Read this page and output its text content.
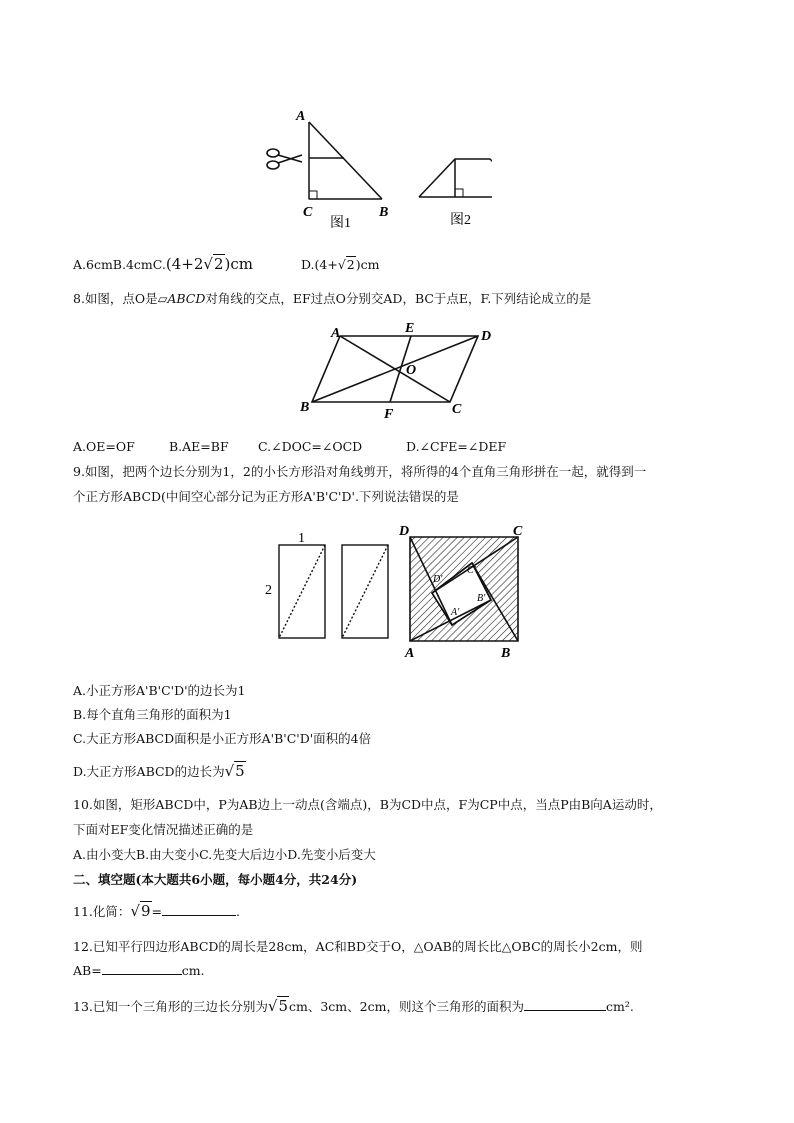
A
C	B
图1	图2
A.6cmB.4cmC.(4+2√2)cm	D.(4+√2)cm
8.如图，点O是▱ABCD对角线的交点，EF过点O分别交AD，BC于点E，F.下列结论成立的是
A	E
D
O
B	F	C
A.OE=OF	B.AE=BF C.∠DOC=∠OCD	D.∠CFE=∠DEF
9.如图，把两个边长分别为1，2的小长方形沿对角线剪开，将所得的4个直角三角形拼在一起，就得到一
个正方形ABCD(中间空心部分记为正方形A'B'C'D'.下列说法错误的是
1
2
D	C
A	B
C'
D'
B'
A'
A.小正方形A'B'C'D'的边长为1
B.每个直角三角形的面积为1
C.大正方形ABCD面积是小正方形A'B'C'D'面积的4倍
D.大正方形ABCD的边长为√5
10.如图，矩形ABCD中，P为AB边上一动点(含端点)，B为CD中点，F为CP中点，当点P由B向A运动时，
下面对EF变化情况描述正确的是
A.由小变大B.由大变小C.先变大后边小D.先变小后变大
二、填空题(本大题共6小题，每小题4分，共24分)
11.化简：√9=	.
12.已知平行四边形ABCD的周长是28cm，AC和BD交于O，△OAB的周长比△OBC的周长小2cm，则
AB=	cm.
13.已知一个三角形的三边长分别为√5cm、3cm、2cm，则这个三角形的面积为	cm².
